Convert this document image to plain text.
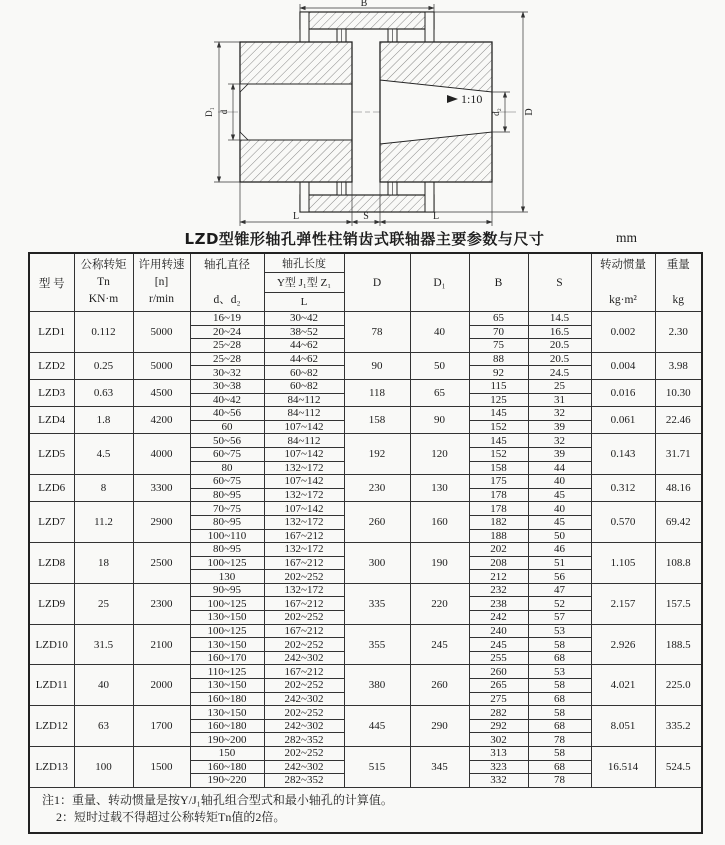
1:10
B
D
d₂
D₁ d
L	S	L
LZD型锥形轴孔弹性柱销齿式联轴器主要参数与尺寸	mm
型 号	
公称转矩
Tn
KN·m

许用转速
[n]
r/min

轴孔直径
d、d₂

轴孔长度
Y型 J₁型 Z₁
L
	D	D₁	B	S	
转动惯量
kg·m²

重量
kg

LZD1	0.112	5000	16~19	30~42	78	40	65	14.5	0.002	2.30
			20~24	38~52			70	16.5		
			25~28	44~62			75	20.5		
LZD2	0.25	5000	25~28	44~62	90	50	88	20.5	0.004	3.98
			30~32	60~82			92	24.5		
LZD3	0.63	4500	30~38	60~82	118	65	115	25	0.016	10.30
			40~42	84~112			125	31		
LZD4	1.8	4200	40~56	84~112	158	90	145	32	0.061	22.46
			60	107~142			152	39		
LZD5	4.5	4000	50~56	84~112	192	120	145	32	0.143	31.71
			60~75	107~142			152	39		
			80	132~172			158	44		
LZD6	8	3300	60~75	107~142	230	130	175	40	0.312	48.16
			80~95	132~172			178	45		
LZD7	11.2	2900	70~75	107~142	260	160	178	40	0.570	69.42
			80~95	132~172			182	45		
			100~110	167~212			188	50		
LZD8	18	2500	80~95	132~172	300	190	202	46	1.105	108.8
			100~125	167~212			208	51		
			130	202~252			212	56		
LZD9	25	2300	90~95	132~172	335	220	232	47	2.157	157.5
			100~125	167~212			238	52		
			130~150	202~252			242	57		
LZD10	31.5	2100	100~125	167~212	355	245	240	53	2.926	188.5
			130~150	202~252			245	58		
			160~170	242~302			255	68		
LZD11	40	2000	110~125	167~212	380	260	260	53	4.021	225.0
			130~150	202~252			265	58		
			160~180	242~302			275	68		
LZD12	63	1700	130~150	202~252	445	290	282	58	8.051	335.2
			160~180	242~302			292	68		
			190~200	282~352			302	78		
LZD13	100	1500	150	202~252	515	345	313	58	16.514	524.5
			160~180	242~302			323	68		
			190~220	282~352			332	78		

注1：重量、转动惯量是按Y/J₁轴孔组合型式和最小轴孔的计算值。
2：短时过载不得超过公称转矩Tn值的2倍。										
